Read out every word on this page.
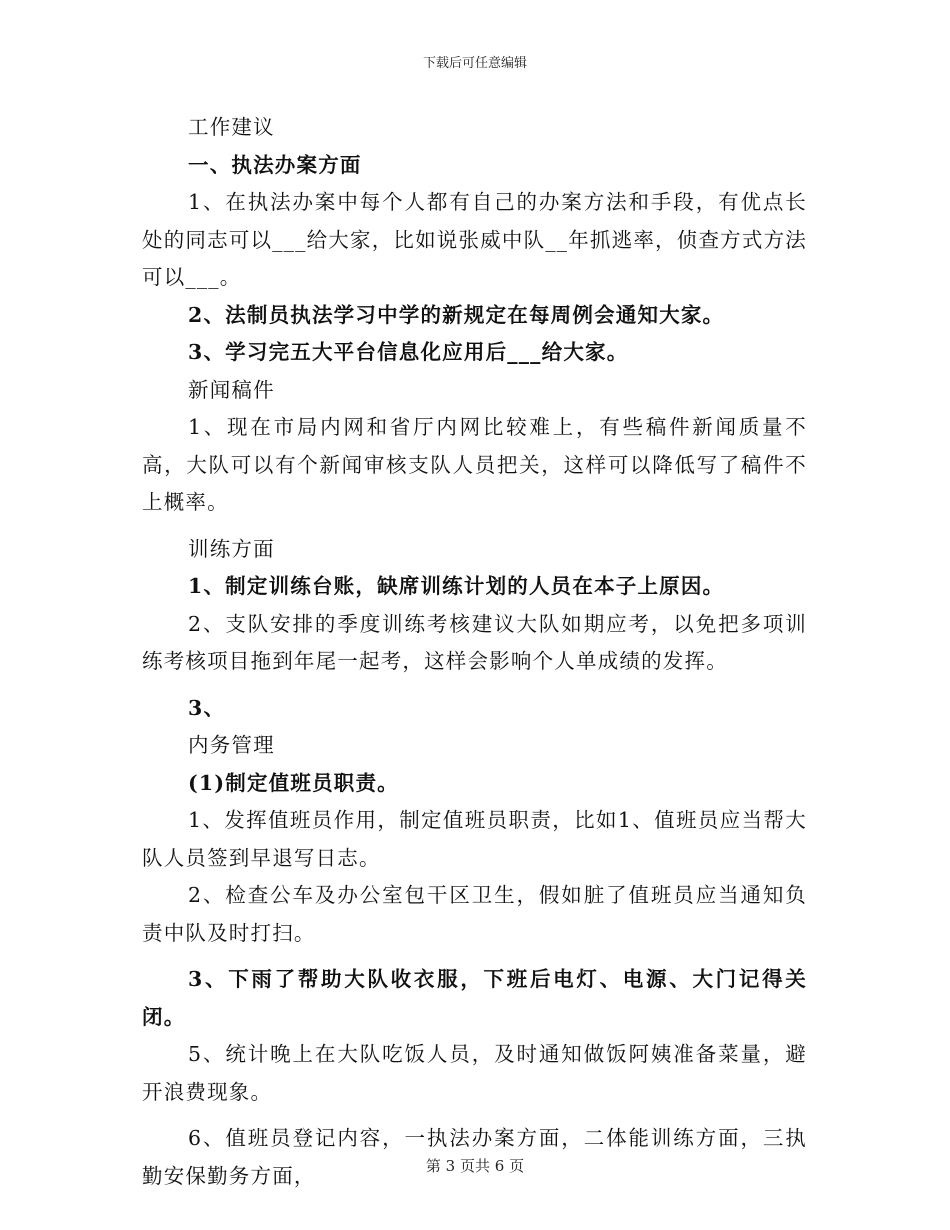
下载后可任意编辑

工作建议

一、执法办案方面

1、在执法办案中每个人都有自己的办案方法和手段，有优点长处的同志可以___给大家，比如说张威中队__年抓逃率，侦查方式方法可以___。

2、法制员执法学习中学的新规定在每周例会通知大家。

3、学习完五大平台信息化应用后___给大家。

新闻稿件

1、现在市局内网和省厅内网比较难上，有些稿件新闻质量不高，大队可以有个新闻审核支队人员把关，这样可以降低写了稿件不上概率。

训练方面

1、制定训练台账，缺席训练计划的人员在本子上原因。

2、支队安排的季度训练考核建议大队如期应考，以免把多项训练考核项目拖到年尾一起考，这样会影响个人单成绩的发挥。

3、

内务管理

(1)制定值班员职责。

1、发挥值班员作用，制定值班员职责，比如1、值班员应当帮大队人员签到早退写日志。

2、检查公车及办公室包干区卫生，假如脏了值班员应当通知负责中队及时打扫。

3、下雨了帮助大队收衣服，下班后电灯、电源、大门记得关闭。

5、统计晚上在大队吃饭人员，及时通知做饭阿姨准备菜量，避开浪费现象。

6、值班员登记内容，一执法办案方面，二体能训练方面，三执勤安保勤务方面，	第 3 页共 6 页
